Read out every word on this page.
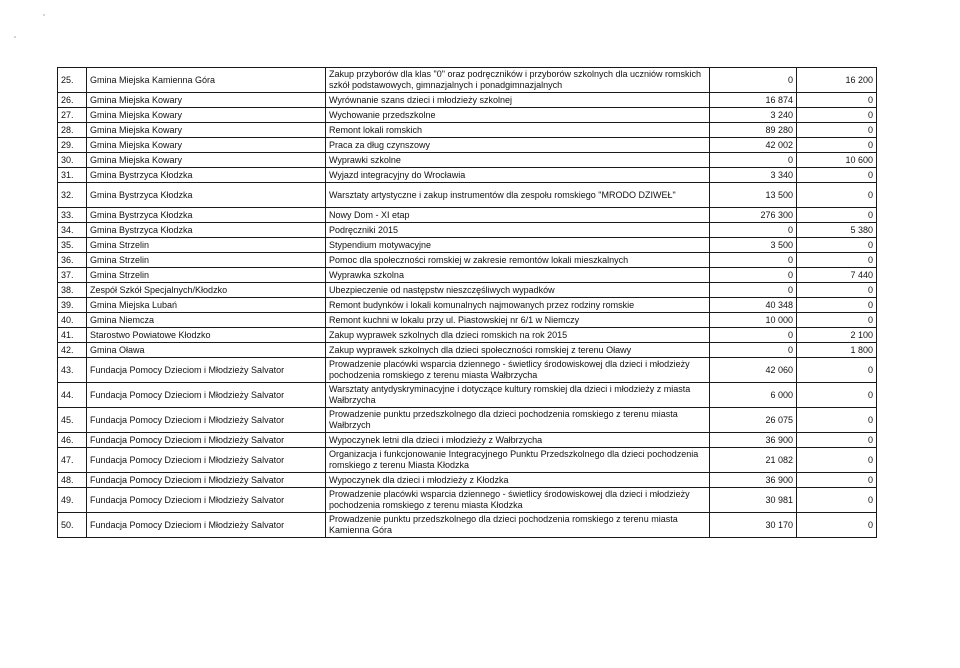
25.	Gmina Miejska Kamienna Góra	Zakup przyborów dla klas "0" oraz podręczników i przyborów szkolnych dla uczniów romskich szkół podstawowych, gimnazjalnych i ponadgimnazjalnych	0	16 200
26.	Gmina Miejska Kowary	Wyrównanie szans dzieci i młodzieży szkolnej	16 874	0
27.	Gmina Miejska Kowary	Wychowanie przedszkolne	3 240	0
28.	Gmina Miejska Kowary	Remont lokali romskich	89 280	0
29.	Gmina Miejska Kowary	Praca za dług czynszowy	42 002	0
30.	Gmina Miejska Kowary	Wyprawki szkolne	0	10 600
31.	Gmina Bystrzyca Kłodzka	Wyjazd integracyjny do Wrocławia	3 340	0
32.	Gmina Bystrzyca Kłodzka	Warsztaty artystyczne i zakup instrumentów dla zespołu romskiego "MRODO DZIWEŁ"	13 500	0
33.	Gmina Bystrzyca Kłodzka	Nowy Dom - XI etap	276 300	0
34.	Gmina Bystrzyca Kłodzka	Podręczniki 2015	0	5 380
35.	Gmina Strzelin	Stypendium motywacyjne	3 500	0
36.	Gmina Strzelin	Pomoc dla społeczności romskiej w zakresie remontów lokali mieszkalnych	0	0
37.	Gmina Strzelin	Wyprawka szkolna	0	7 440
38.	Zespół Szkół Specjalnych/Kłodzko	Ubezpieczenie od następstw nieszczęśliwych wypadków	0	0
39.	Gmina Miejska Lubań	Remont budynków i lokali komunalnych najmowanych przez rodziny romskie	40 348	0
40.	Gmina Niemcza	Remont kuchni w lokalu przy ul. Piastowskiej nr 6/1 w Niemczy	10 000	0
41.	Starostwo Powiatowe Kłodzko	Zakup wyprawek szkolnych dla dzieci romskich na rok 2015	0	2 100
42.	Gmina Oława	Zakup wyprawek szkolnych dla dzieci społeczności romskiej z terenu Oławy	0	1 800
43.	Fundacja Pomocy Dzieciom i Młodzieży Salvator	Prowadzenie placówki wsparcia dziennego - świetlicy środowiskowej dla dzieci i młodzieży pochodzenia romskiego z terenu miasta Wałbrzycha	42 060	0
44.	Fundacja Pomocy Dzieciom i Młodzieży Salvator	Warsztaty antydyskryminacyjne i dotyczące kultury romskiej dla dzieci i młodzieży z miasta Wałbrzycha	6 000	0
45.	Fundacja Pomocy Dzieciom i Młodzieży Salvator	Prowadzenie punktu przedszkolnego dla dzieci pochodzenia romskiego z terenu miasta Wałbrzych	26 075	0
46.	Fundacja Pomocy Dzieciom i Młodzieży Salvator	Wypoczynek letni dla dzieci i młodzieży z Wałbrzycha	36 900	0
47.	Fundacja Pomocy Dzieciom i Młodzieży Salvator	Organizacja i funkcjonowanie Integracyjnego Punktu Przedszkolnego dla dzieci pochodzenia romskiego z terenu Miasta Kłodzka	21 082	0
48.	Fundacja Pomocy Dzieciom i Młodzieży Salvator	Wypoczynek dla dzieci i młodzieży z Kłodzka	36 900	0
49.	Fundacja Pomocy Dzieciom i Młodzieży Salvator	Prowadzenie placówki wsparcia dziennego - świetlicy środowiskowej dla dzieci i młodzieży pochodzenia romskiego z terenu miasta Kłodzka	30 981	0
50.	Fundacja Pomocy Dzieciom i Młodzieży Salvator	Prowadzenie punktu przedszkolnego dla dzieci pochodzenia romskiego z terenu miasta Kamienna Góra	30 170	0
